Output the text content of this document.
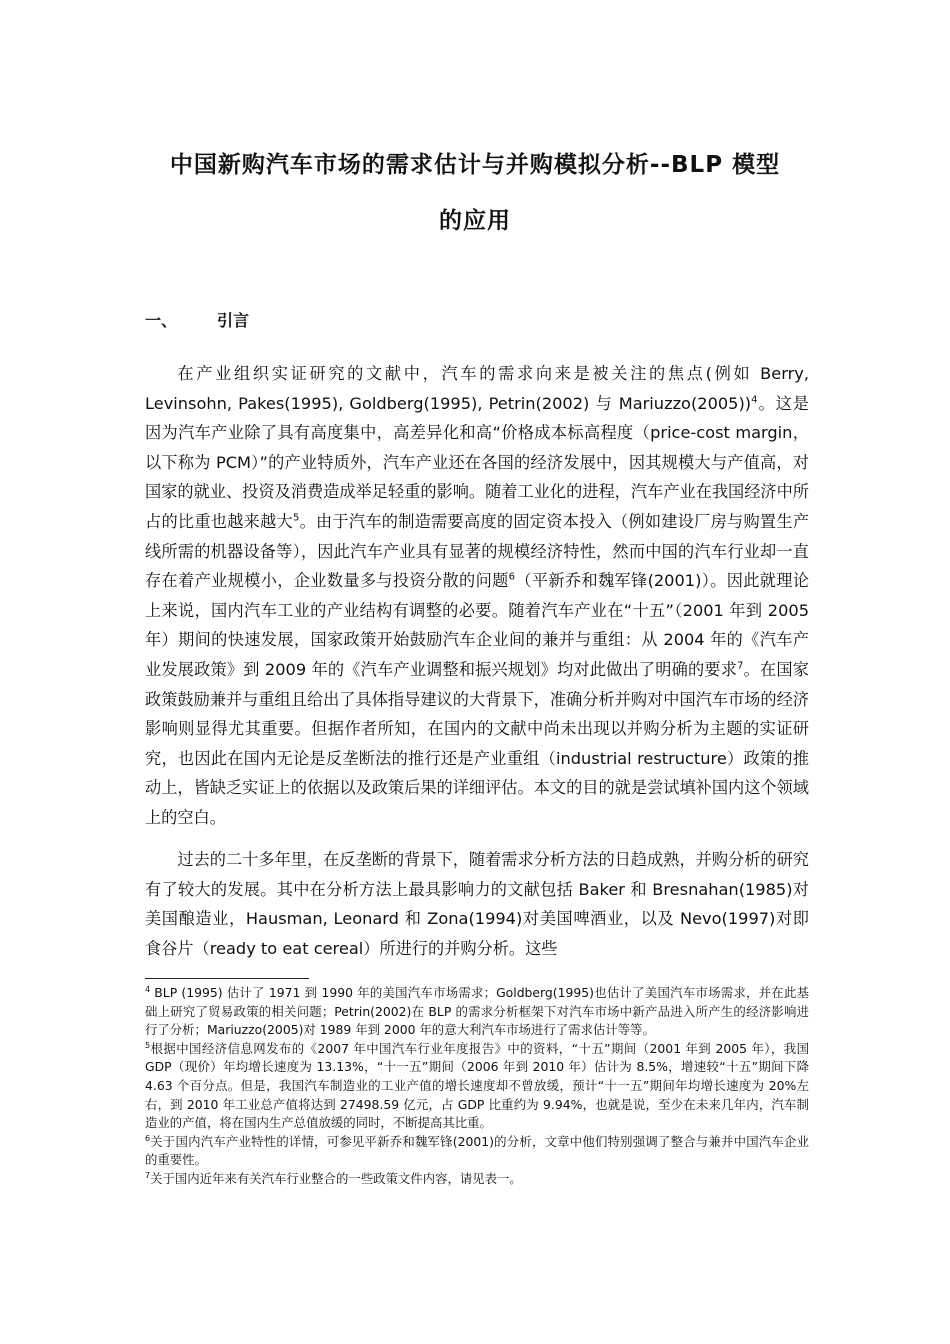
中国新购汽车市场的需求估计与并购模拟分析--BLP 模型
的应用
一、 引言

在产业组织实证研究的文献中，汽车的需求向来是被关注的焦点(例如 Berry, Levinsohn, Pakes(1995), Goldberg(1995), Petrin(2002) 与 Mariuzzo(2005))$^4$。这是因为汽车产业除了具有高度集中，高差异化和高“价格成本标高程度（price-cost margin，以下称为 PCM）”的产业特质外，汽车产业还在各国的经济发展中，因其规模大与产值高，对国家的就业、投资及消费造成举足轻重的影响。随着工业化的进程，汽车产业在我国经济中所占的比重也越来越大$^5$。由于汽车的制造需要高度的固定资本投入（例如建设厂房与购置生产线所需的机器设备等），因此汽车产业具有显著的规模经济特性，然而中国的汽车行业却一直存在着产业规模小，企业数量多与投资分散的问题$^6$（平新乔和魏军锋(2001)）。因此就理论上来说，国内汽车工业的产业结构有调整的必要。随着汽车产业在“十五”（2001 年到 2005 年）期间的快速发展，国家政策开始鼓励汽车企业间的兼并与重组：从 2004 年的《汽车产业发展政策》到 2009 年的《汽车产业调整和振兴规划》均对此做出了明确的要求$^7$。在国家政策鼓励兼并与重组且给出了具体指导建议的大背景下，准确分析并购对中国汽车市场的经济影响则显得尤其重要。但据作者所知，在国内的文献中尚未出现以并购分析为主题的实证研究，也因此在国内无论是反垄断法的推行还是产业重组（industrial restructure）政策的推动上，皆缺乏实证上的依据以及政策后果的详细评估。本文的目的就是尝试填补国内这个领域上的空白。

过去的二十多年里，在反垄断的背景下，随着需求分析方法的日趋成熟，并购分析的研究有了较大的发展。其中在分析方法上最具影响力的文献包括 Baker 和 Bresnahan(1985)对美国酿造业，Hausman, Leonard 和 Zona(1994)对美国啤酒业，以及 Nevo(1997)对即食谷片（ready to eat cereal）所进行的并购分析。这些

$^4$ BLP (1995) 估计了 1971 到 1990 年的美国汽车市场需求；Goldberg(1995)也估计了美国汽车市场需求，并在此基础上研究了贸易政策的相关问题；Petrin(2002)在 BLP 的需求分析框架下对汽车市场中新产品进入所产生的经济影响进行了分析；Mariuzzo(2005)对 1989 年到 2000 年的意大利汽车市场进行了需求估计等等。

$^5$根据中国经济信息网发布的《2007 年中国汽车行业年度报告》中的资料，“十五”期间（2001 年到 2005 年），我国 GDP（现价）年均增长速度为 13.13%，“十一五”期间（2006 年到 2010 年）估计为 8.5%，增速较“十五”期间下降 4.63 个百分点。但是，我国汽车制造业的工业产值的增长速度却不曾放缓，预计“十一五”期间年均增长速度为 20%左右，到 2010 年工业总产值将达到 27498.59 亿元，占 GDP 比重约为 9.94%，也就是说，至少在未来几年内，汽车制造业的产值，将在国内生产总值放缓的同时，不断提高其比重。

$^6$关于国内汽车产业特性的详情，可参见平新乔和魏军锋(2001)的分析，文章中他们特别强调了整合与兼并中国汽车企业的重要性。

$^7$关于国内近年来有关汽车行业整合的一些政策文件内容，请见表一。
